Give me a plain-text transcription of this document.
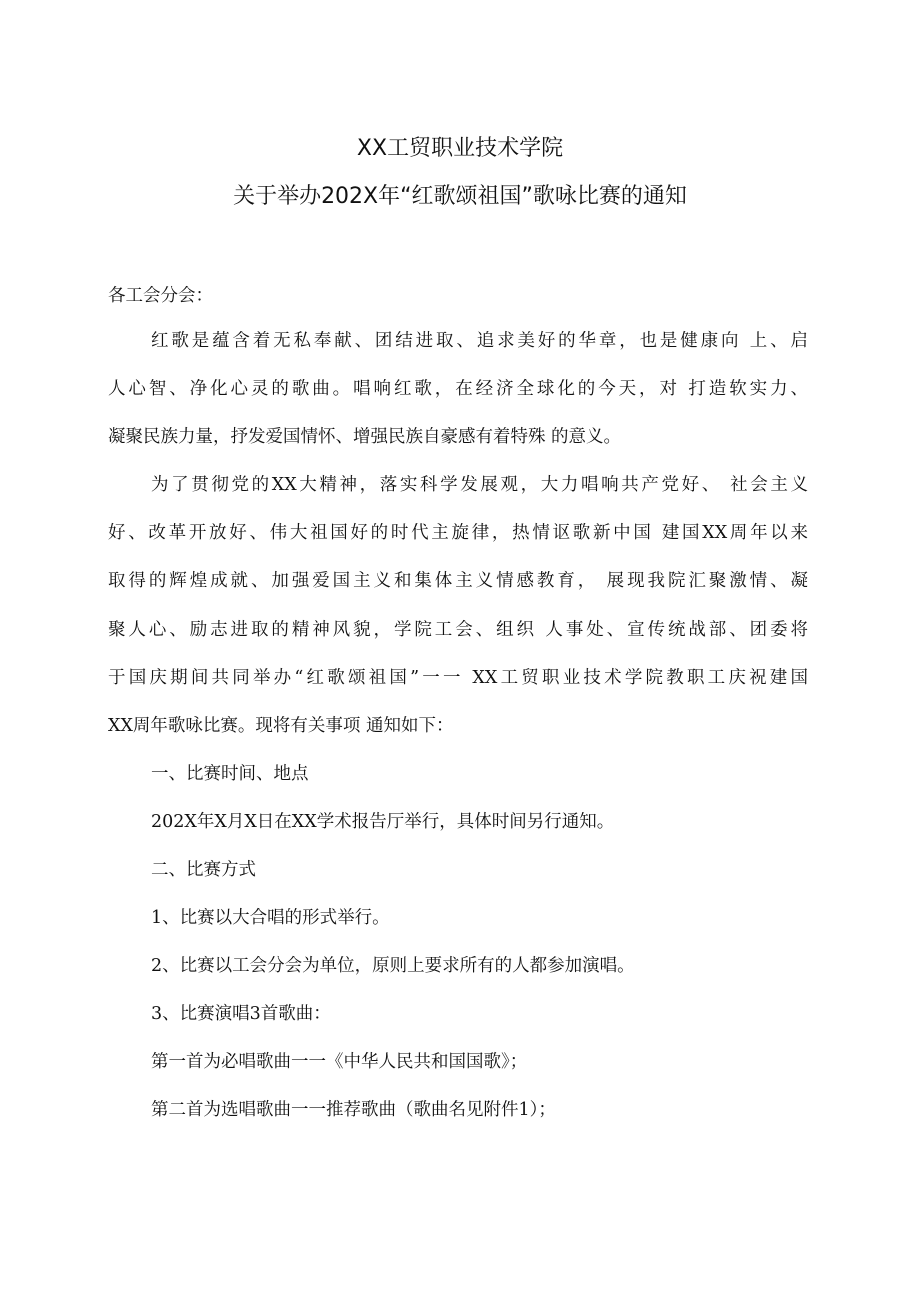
XX工贸职业技术学院
关于举办202X年“红歌颂祖国”歌咏比赛的通知
各工会分会：
红歌是蕴含着无私奉献、团结进取、追求美好的华章，也是健康向 上、启
人心智、净化心灵的歌曲。唱响红歌，在经济全球化的今天，对 打造软实力、
凝聚民族力量，抒发爱国情怀、增强民族自豪感有着特殊 的意义。
为了贯彻党的XX大精神，落实科学发展观，大力唱响共产党好、 社会主义
好、改革开放好、伟大祖国好的时代主旋律，热情讴歌新中国 建国XX周年以来
取得的辉煌成就、加强爱国主义和集体主义情感教育， 展现我院汇聚激情、凝
聚人心、励志进取的精神风貌，学院工会、组织 人事处、宣传统战部、团委将
于国庆期间共同举办“红歌颂祖国”一一 XX工贸职业技术学院教职工庆祝建国
XX周年歌咏比赛。现将有关事项 通知如下：
一、比赛时间、地点
202X年X月X日在XX学术报告厅举行，具体时间另行通知。
二、比赛方式
1、比赛以大合唱的形式举行。
2、比赛以工会分会为单位，原则上要求所有的人都参加演唱。
3、比赛演唱3首歌曲：
第一首为必唱歌曲一一《中华人民共和国国歌》；
第二首为选唱歌曲一一推荐歌曲（歌曲名见附件1）；
